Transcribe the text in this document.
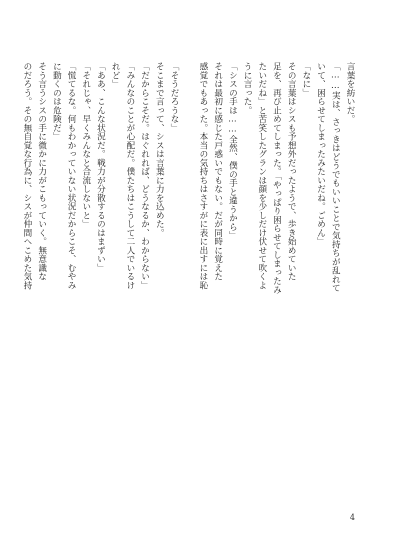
言葉を紡いだ。
「……実は、さっきはどうでもいいことで気持ちが乱れて
いて、困らせてしまったみたいだね。ごめん」
「なに」
その言葉はシスも予想外だったようで、歩き始めていた
足を、再び止めてしまった。「やっぱり困らせてしまったみ
たいだね」と苦笑したグランは顔を少しだけ伏せて吹くよ
うに言った。
「シスの手は……全然、僕の手と違うから」
それは最初に感じた戸惑いでもない。だが同時に覚えた
感覚でもあった。本当の気持ちはさすがに表に出すには恥
「そうだろうな」
そこまで言って、シスは言葉に力を込めた。
「だからこそだ。はぐれれば、どうなるか、わからない」
「みんなのことが心配だ。僕たちはこうして二人でいるけ
れど」
「ああ、こんな状況だ。戦力が分散するのはまずい」
「それじゃ、早くみんなと合流しないと」
「慌てるな。何もわかっていない状況だからこそ、むやみ
に動くのは危険だ」
そう言うシスの手に微かに力がこもっていく。無意識な
のだろう。その無自覚な行為に、シスが仲間へこめた気持
4
